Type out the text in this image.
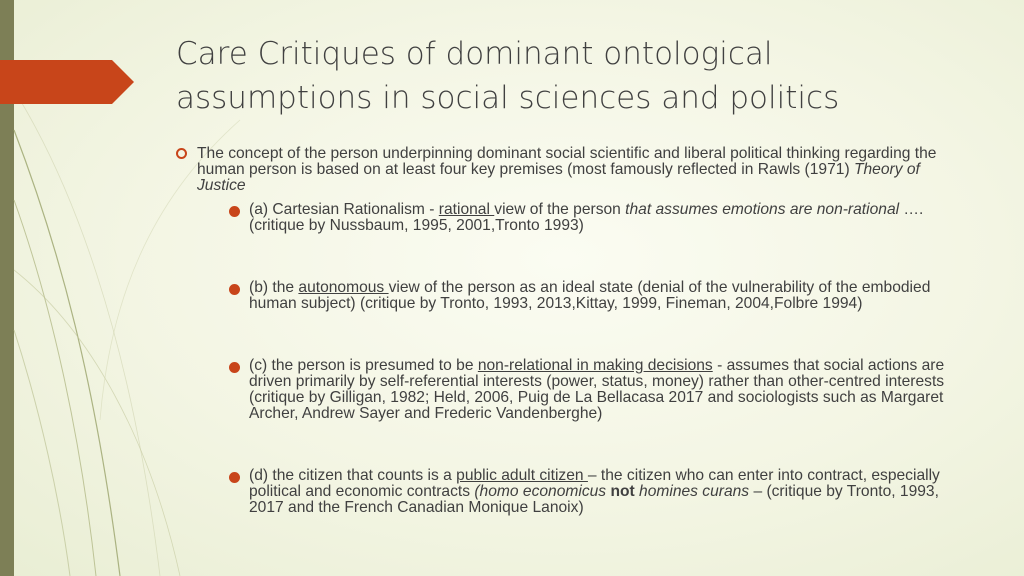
Care Critiques of dominant ontological
assumptions in social sciences and politics
The concept of the person underpinning dominant social scientific and liberal political thinking regarding the human person is based on at least four key premises (most famously reflected in Rawls (1971) Theory of Justice
(a) Cartesian Rationalism - rational view of the person that assumes emotions are non-rational ….(critique by Nussbaum, 1995, 2001,Tronto 1993)
(b) the autonomous view of the person as an ideal state (denial of the vulnerability of the embodied human subject) (critique by Tronto, 1993, 2013,Kittay, 1999, Fineman, 2004,Folbre 1994)
(c) the person is presumed to be non-relational in making decisions - assumes that social actions are driven primarily by self-referential interests (power, status, money) rather than other-centred interests (critique by Gilligan, 1982; Held, 2006, Puig de La Bellacasa 2017 and sociologists such as Margaret Archer, Andrew Sayer and Frederic Vandenberghe)
(d) the citizen that counts is a public adult citizen – the citizen who can enter into contract, especially political and economic contracts (homo economicus not homines curans – (critique by Tronto, 1993, 2017 and the French Canadian Monique Lanoix)
